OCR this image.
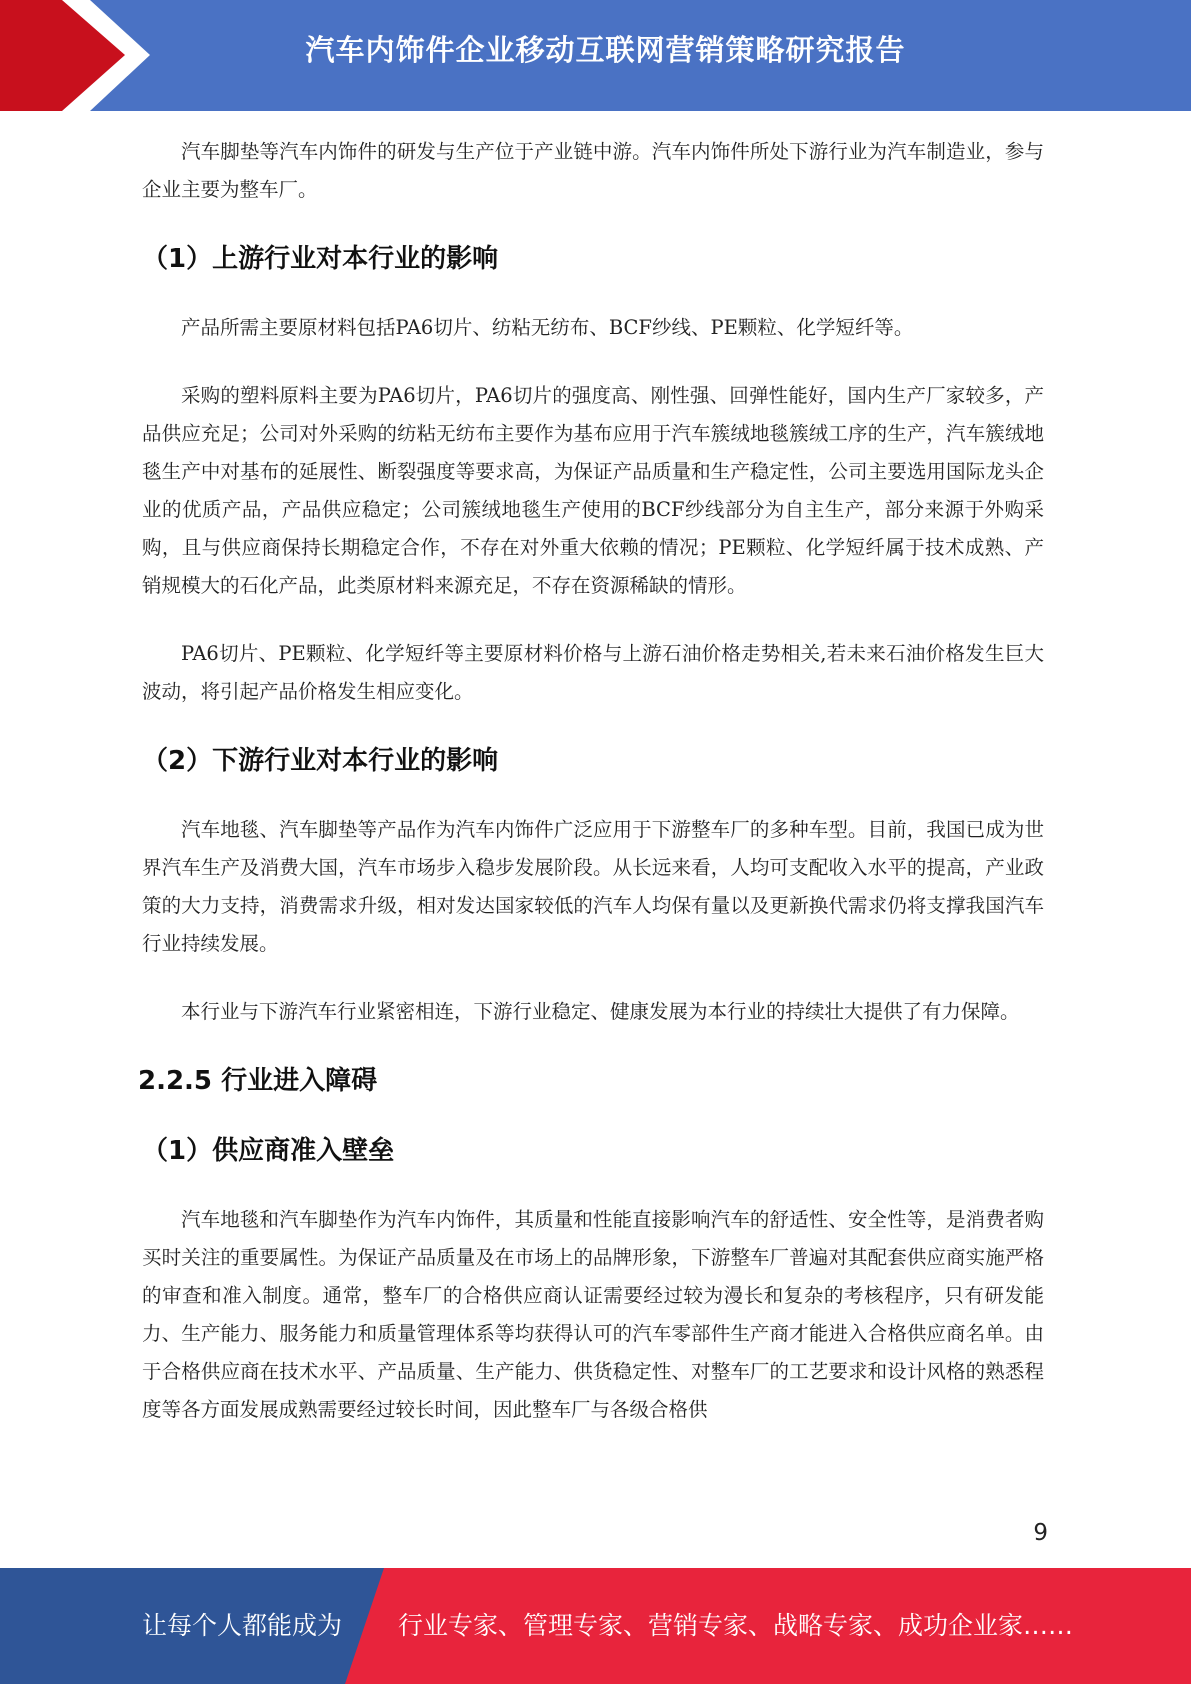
汽车内饰件企业移动互联网营销策略研究报告

汽车脚垫等汽车内饰件的研发与生产位于产业链中游。汽车内饰件所处下游行业为汽车制造业，参与企业主要为整车厂。

（1）上游行业对本行业的影响

产品所需主要原材料包括PA6切片、纺粘无纺布、BCF纱线、PE颗粒、化学短纤等。

采购的塑料原料主要为PA6切片，PA6切片的强度高、刚性强、回弹性能好，国内生产厂家较多，产品供应充足；公司对外采购的纺粘无纺布主要作为基布应用于汽车簇绒地毯簇绒工序的生产，汽车簇绒地毯生产中对基布的延展性、断裂强度等要求高，为保证产品质量和生产稳定性，公司主要选用国际龙头企业的优质产品，产品供应稳定；公司簇绒地毯生产使用的BCF纱线部分为自主生产，部分来源于外购采购，且与供应商保持长期稳定合作，不存在对外重大依赖的情况；PE颗粒、化学短纤属于技术成熟、产销规模大的石化产品，此类原材料来源充足，不存在资源稀缺的情形。

PA6切片、PE颗粒、化学短纤等主要原材料价格与上游石油价格走势相关,若未来石油价格发生巨大波动，将引起产品价格发生相应变化。

（2）下游行业对本行业的影响

汽车地毯、汽车脚垫等产品作为汽车内饰件广泛应用于下游整车厂的多种车型。目前，我国已成为世界汽车生产及消费大国，汽车市场步入稳步发展阶段。从长远来看，人均可支配收入水平的提高，产业政策的大力支持，消费需求升级，相对发达国家较低的汽车人均保有量以及更新换代需求仍将支撑我国汽车行业持续发展。

本行业与下游汽车行业紧密相连，下游行业稳定、健康发展为本行业的持续壮大提供了有力保障。

2.2.5 行业进入障碍
（1）供应商准入壁垒

汽车地毯和汽车脚垫作为汽车内饰件，其质量和性能直接影响汽车的舒适性、安全性等，是消费者购买时关注的重要属性。为保证产品质量及在市场上的品牌形象，下游整车厂普遍对其配套供应商实施严格的审查和准入制度。通常，整车厂的合格供应商认证需要经过较为漫长和复杂的考核程序，只有研发能力、生产能力、服务能力和质量管理体系等均获得认可的汽车零部件生产商才能进入合格供应商名单。由于合格供应商在技术水平、产品质量、生产能力、供货稳定性、对整车厂的工艺要求和设计风格的熟悉程度等各方面发展成熟需要经过较长时间，因此整车厂与各级合格供

9
让每个人都能成为 行业专家、管理专家、营销专家、战略专家、成功企业家……
